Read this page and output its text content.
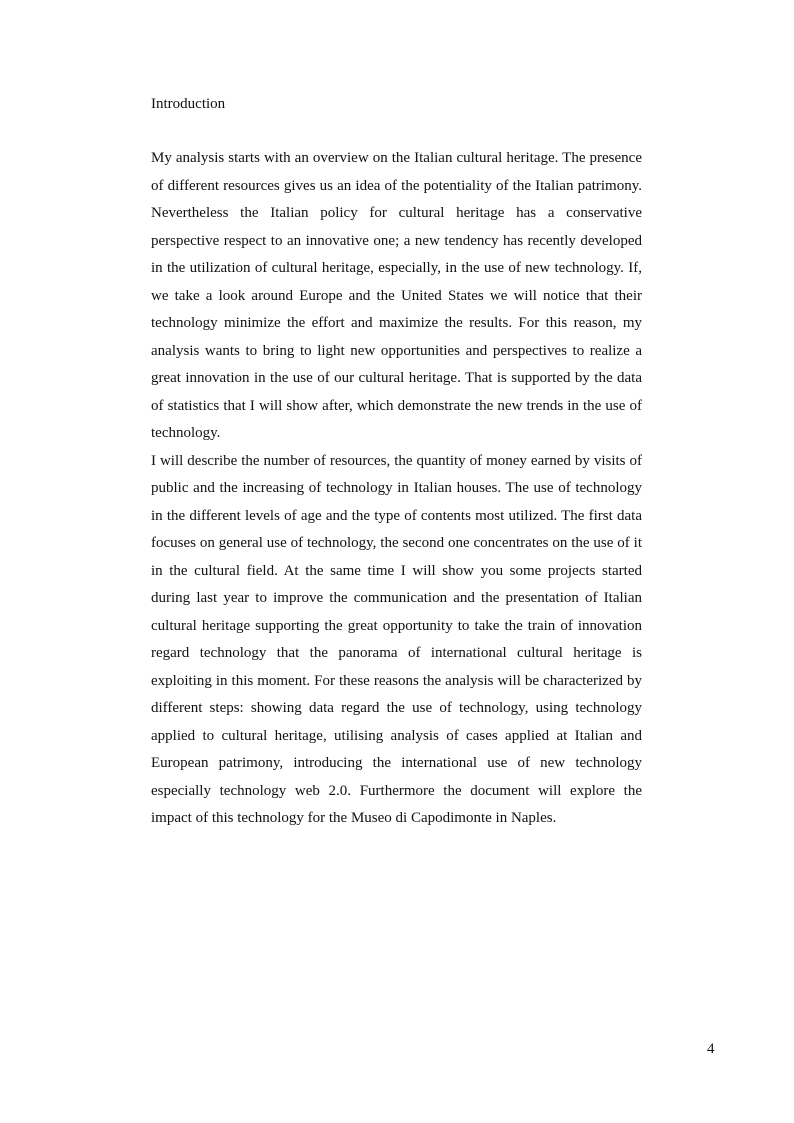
Introduction

My analysis starts with an overview on the Italian cultural heritage. The presence of different resources gives us an idea of the potentiality of the Italian patrimony. Nevertheless the Italian policy for cultural heritage has a conservative perspective respect to an innovative one; a new tendency has recently developed in the utilization of cultural heritage, especially, in the use of new technology. If, we take a look around Europe and the United States we will notice that their technology minimize the effort and maximize the results. For this reason, my analysis wants to bring to light new opportunities and perspectives to realize a great innovation in the use of our cultural heritage. That is supported by the data of statistics that I will show after, which demonstrate the new trends in the use of technology.

I will describe the number of resources, the quantity of money earned by visits of public and the increasing of technology in Italian houses. The use of technology in the different levels of age and the type of contents most utilized. The first data focuses on general use of technology, the second one concentrates on the use of it in the cultural field. At the same time I will show you some projects started during last year to improve the communication and the presentation of Italian cultural heritage supporting the great opportunity to take the train of innovation regard technology that the panorama of international cultural heritage is exploiting in this moment. For these reasons the analysis will be characterized by different steps: showing data regard the use of technology, using technology applied to cultural heritage, utilising analysis of cases applied at Italian and European patrimony, introducing the international use of new technology especially technology web 2.0. Furthermore the document will explore the impact of this technology for the Museo di Capodimonte in Naples.

4
